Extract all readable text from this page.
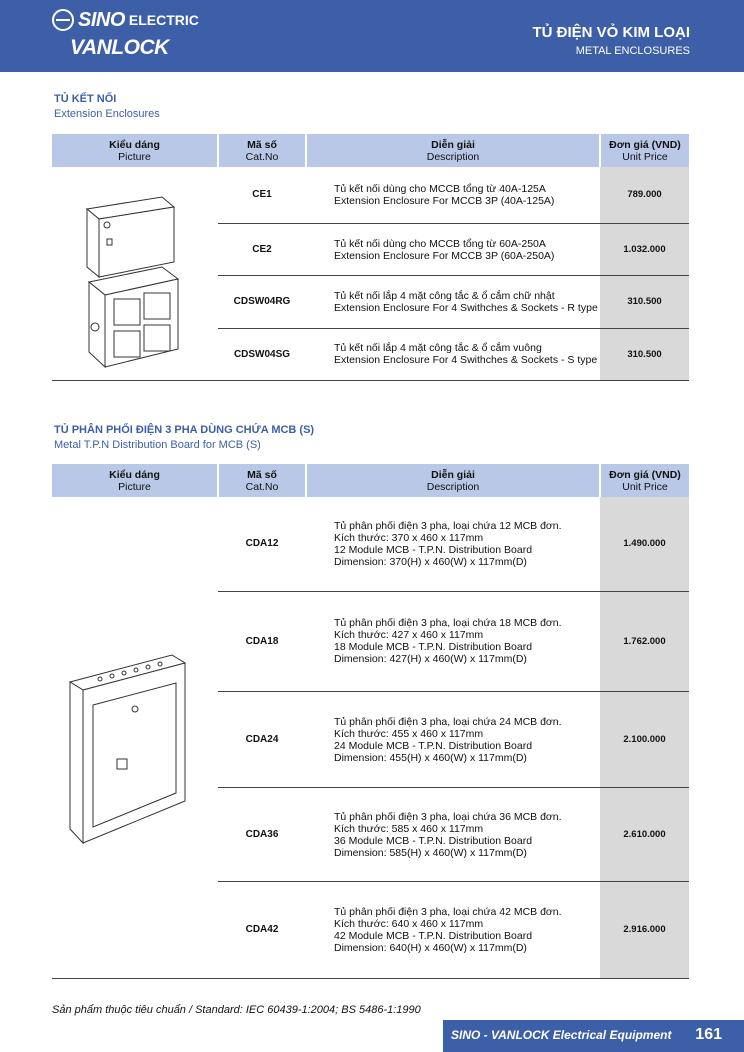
SINO ELECTRIC
VANLOCK
TỦ ĐIỆN VỎ KIM LOẠI
METAL ENCLOSURES
TỦ KẾT NỐI
Extension Enclosures
Kiểu dáng
Picture	Mã số
Cat.No	Diễn giải
Description	Đơn giá (VND)
Unit Price
	CE1	Tủ kết nối dùng cho MCCB tổng từ 40A-125A
Extension Enclosure For MCCB 3P (40A-125A)	789.000
	CE2	Tủ kết nối dùng cho MCCB tổng từ 60A-250A
Extension Enclosure For MCCB 3P (60A-250A)	1.032.000
	CDSW04RG	Tủ kết nối lắp 4 mặt công tắc & ổ cắm chữ nhật
Extension Enclosure For 4 Swithches & Sockets - R type	310.500
	CDSW04SG	Tủ kết nối lắp 4 mặt công tắc & ổ cắm vuông
Extension Enclosure For 4 Swithches & Sockets - S type	310.500
TỦ PHÂN PHỐI ĐIỆN 3 PHA DÙNG CHỨA MCB (S)
Metal T.P.N Distribution Board for MCB (S)
Kiểu dáng
Picture	Mã số
Cat.No	Diễn giải
Description	Đơn giá (VND)
Unit Price
	CDA12	Tủ phân phối điện 3 pha, loại chứa 12 MCB đơn.
Kích thước: 370 x 460 x 117mm
12 Module MCB - T.P.N. Distribution Board
Dimension: 370(H) x 460(W) x 117mm(D)	1.490.000
	CDA18	Tủ phân phối điện 3 pha, loại chứa 18 MCB đơn.
Kích thước: 427 x 460 x 117mm
18 Module MCB - T.P.N. Distribution Board
Dimension: 427(H) x 460(W) x 117mm(D)	1.762.000
	CDA24	Tủ phân phối điện 3 pha, loại chứa 24 MCB đơn.
Kích thước: 455 x 460 x 117mm
24 Module MCB - T.P.N. Distribution Board
Dimension: 455(H) x 460(W) x 117mm(D)	2.100.000
	CDA36	Tủ phân phối điện 3 pha, loại chứa 36 MCB đơn.
Kích thước: 585 x 460 x 117mm
36 Module MCB - T.P.N. Distribution Board
Dimension: 585(H) x 460(W) x 117mm(D)	2.610.000
	CDA42	Tủ phân phối điện 3 pha, loại chứa 42 MCB đơn.
Kích thước: 640 x 460 x 117mm
42 Module MCB - T.P.N. Distribution Board
Dimension: 640(H) x 460(W) x 117mm(D)	2.916.000
Sản phẩm thuộc tiêu chuẩn / Standard: IEC 60439-1:2004; BS 5486-1:1990
SINO - VANLOCK Electrical Equipment 161
